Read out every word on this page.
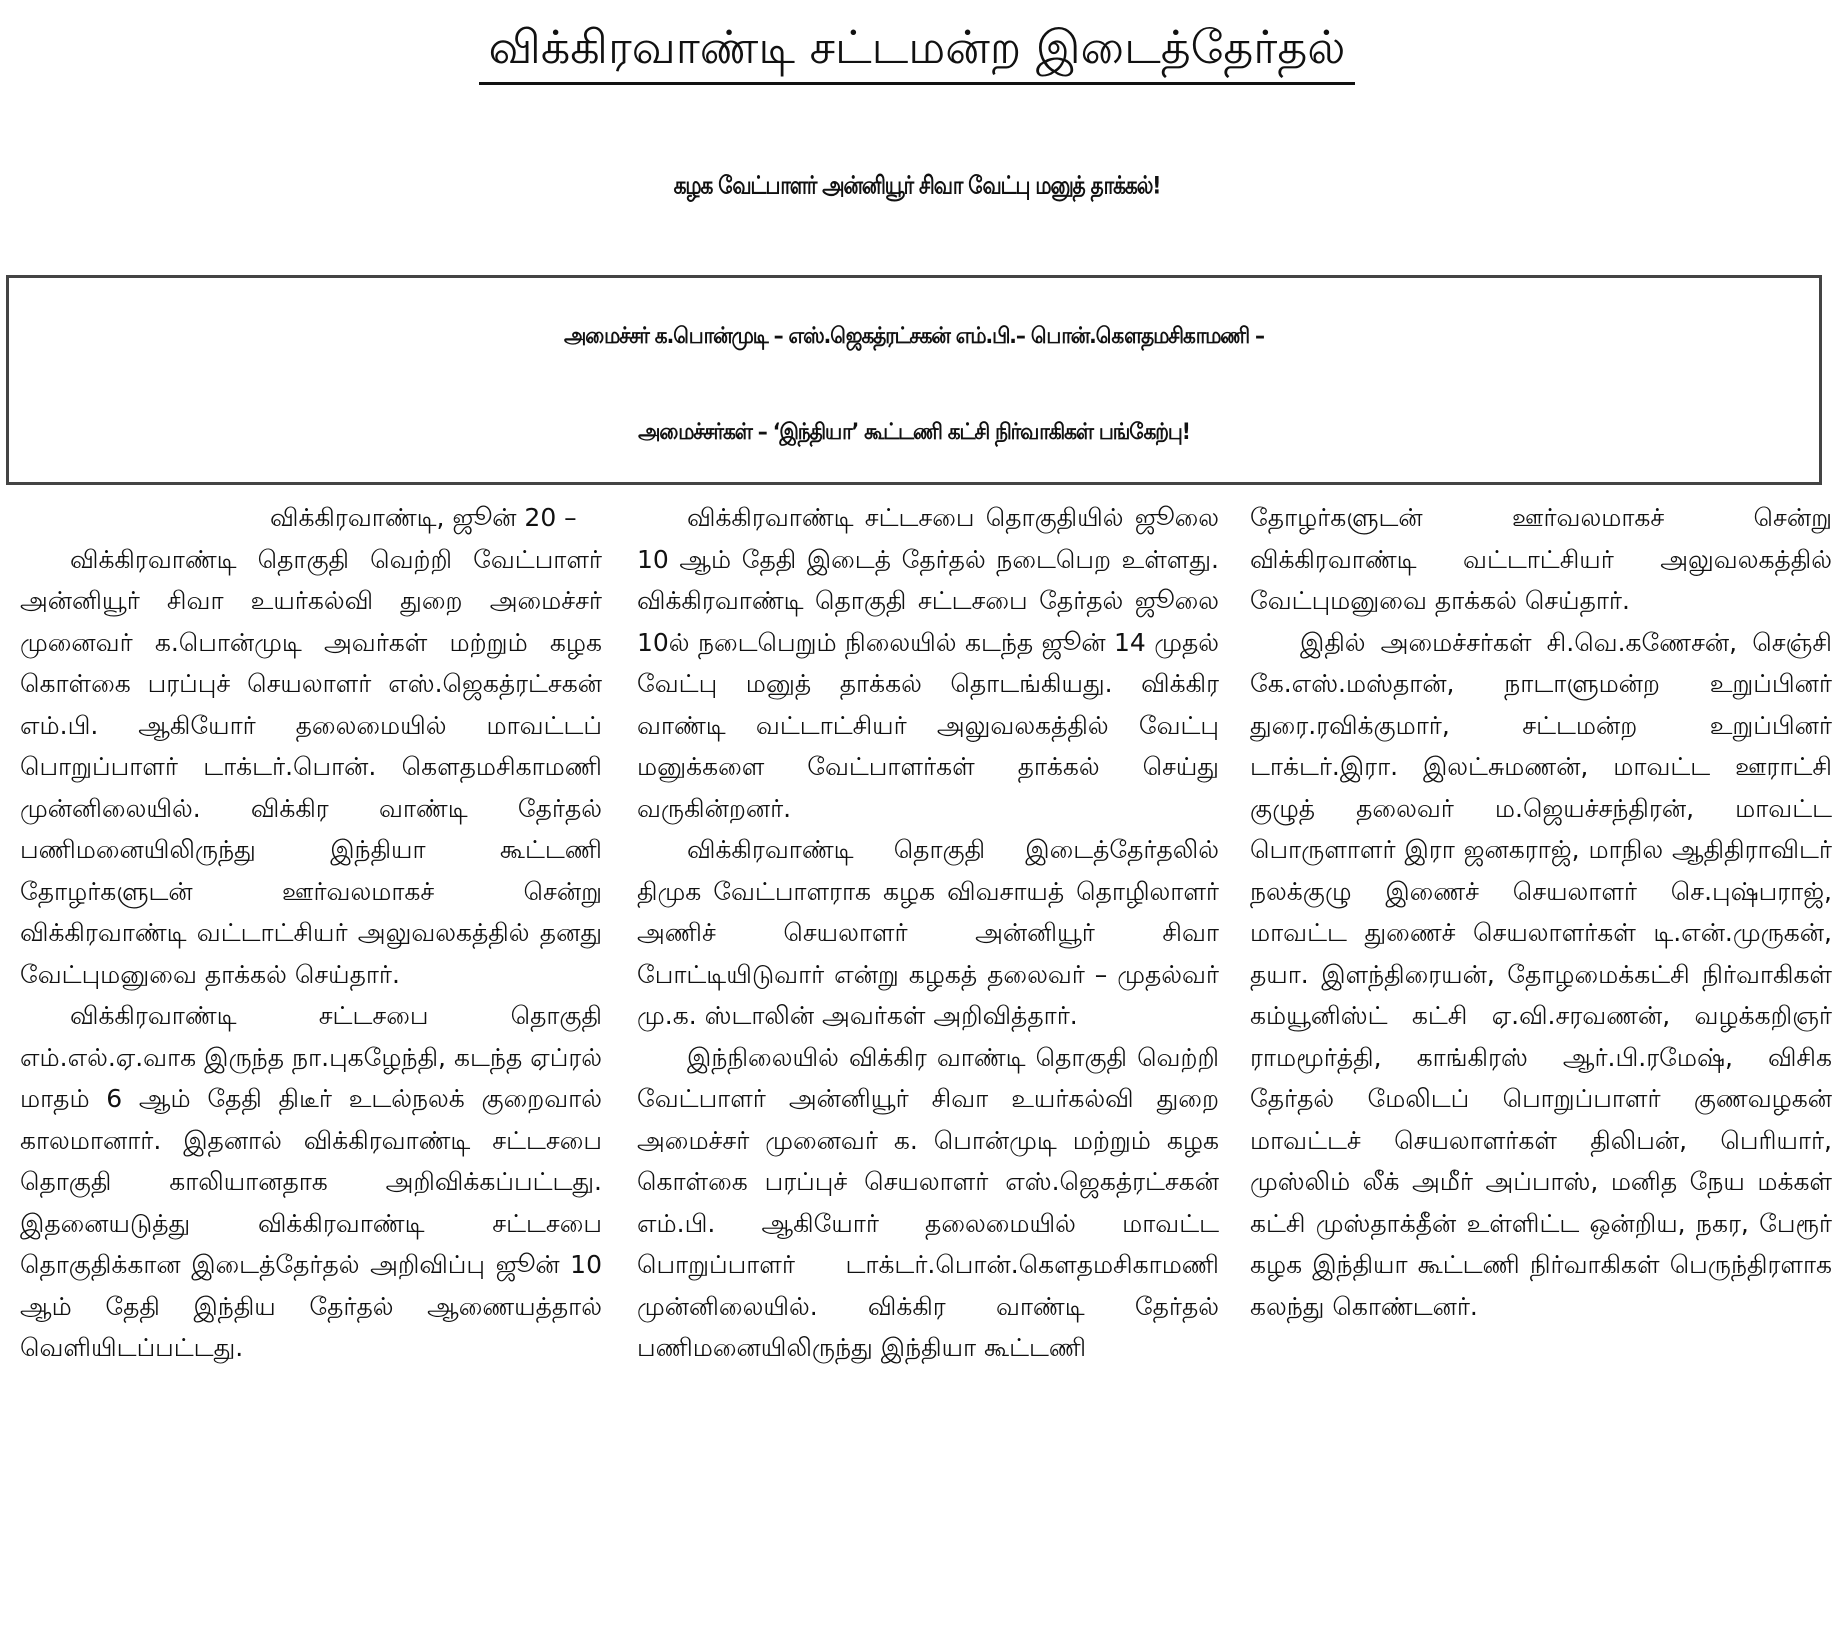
விக்கிரவாண்டி சட்டமன்ற இடைத்தேர்தல்
கழக வேட்பாளர் அன்னியூர் சிவா வேட்பு மனுத் தாக்கல்!
அமைச்சர் க.பொன்முடி – எஸ்.ஜெகத்ரட்சகன் எம்.பி.– பொன்.கௌதமசிகாமணி –
அமைச்சர்கள் – ‘இந்தியா’ கூட்டணி கட்சி நிர்வாகிகள் பங்கேற்பு!

விக்கிரவாண்டி, ஜூன் 20 –

விக்கிரவாண்டி தொகுதி வெற்றி வேட்பாளர் அன்னியூர் சிவா உயர்கல்வி துறை அமைச்சர் முனைவர் க.பொன்முடி அவர்கள் மற்றும் கழக கொள்கை பரப்புச் செயலாளர் எஸ்.ஜெகத்ரட்சகன் எம்.பி. ஆகியோர் தலைமையில் மாவட்டப் பொறுப்பாளர் டாக்டர்.பொன். கௌதமசிகாமணி முன்னிலையில். விக்கிர வாண்டி தேர்தல் பணிமனையிலிருந்து இந்தியா கூட்டணி தோழர்களுடன் ஊர்வலமாகச் சென்று விக்கிரவாண்டி வட்டாட்சியர் அலுவலகத்தில் தனது வேட்புமனுவை தாக்கல் செய்தார்.

விக்கிரவாண்டி சட்டசபை தொகுதி எம்.எல்.ஏ.வாக இருந்த நா.புகழேந்தி, கடந்த ஏப்ரல் மாதம் 6 ஆம் தேதி திடீர் உடல்நலக் குறைவால் காலமானார். இதனால் விக்கிரவாண்டி சட்டசபை தொகுதி காலியானதாக அறிவிக்கப்பட்டது. இதனையடுத்து விக்கிரவாண்டி சட்டசபை தொகுதிக்கான இடைத்தேர்தல் அறிவிப்பு ஜூன் 10 ஆம் தேதி இந்திய தேர்தல் ஆணையத்தால் வெளியிடப்பட்டது.

விக்கிரவாண்டி சட்டசபை தொகுதியில் ஜூலை 10 ஆம் தேதி இடைத் தேர்தல் நடைபெற உள்ளது. விக்கிரவாண்டி தொகுதி சட்டசபை தேர்தல் ஜூலை 10ல் நடைபெறும் நிலையில் கடந்த ஜூன் 14 முதல் வேட்பு மனுத் தாக்கல் தொடங்கியது. விக்கிர வாண்டி வட்டாட்சியர் அலுவலகத்தில் வேட்பு மனுக்களை வேட்பாளர்கள் தாக்கல் செய்து வருகின்றனர்.

விக்கிரவாண்டி தொகுதி இடைத்தேர்தலில் திமுக வேட்பாளராக கழக விவசாயத் தொழிலாளர் அணிச் செயலாளர் அன்னியூர் சிவா போட்டியிடுவார் என்று கழகத் தலைவர் – முதல்வர் மு.க. ஸ்டாலின் அவர்கள் அறிவித்தார்.

இந்நிலையில் விக்கிர வாண்டி தொகுதி வெற்றி வேட்பாளர் அன்னியூர் சிவா உயர்கல்வி துறை அமைச்சர் முனைவர் க. பொன்முடி மற்றும் கழக கொள்கை பரப்புச் செயலாளர் எஸ்.ஜெகத்ரட்சகன் எம்.பி. ஆகியோர் தலைமையில் மாவட்ட பொறுப்பாளர் டாக்டர்.பொன்.கௌதமசிகாமணி முன்னிலையில். விக்கிர வாண்டி தேர்தல் பணிமனையிலிருந்து இந்தியா கூட்டணி

தோழர்களுடன் ஊர்வலமாகச் சென்று விக்கிரவாண்டி வட்டாட்சியர் அலுவலகத்தில் வேட்புமனுவை தாக்கல் செய்தார்.

இதில் அமைச்சர்கள் சி.வெ.கணேசன், செஞ்சி கே.எஸ்.மஸ்தான், நாடாளுமன்ற உறுப்பினர் துரை.ரவிக்குமார், சட்டமன்ற உறுப்பினர் டாக்டர்.இரா. இலட்சுமணன், மாவட்ட ஊராட்சி குழுத் தலைவர் ம.ஜெயச்சந்திரன், மாவட்ட பொருளாளர் இரா ஜனகராஜ், மாநில ஆதிதிராவிடர் நலக்குழு இணைச் செயலாளர் செ.புஷ்பராஜ், மாவட்ட துணைச் செயலாளர்கள் டி.என்.முருகன், தயா. இளந்திரையன், தோழமைக்கட்சி நிர்வாகிகள் கம்யூனிஸ்ட் கட்சி ஏ.வி.சரவணன், வழக்கறிஞர் ராமமூர்த்தி, காங்கிரஸ் ஆர்.பி.ரமேஷ், விசிக தேர்தல் மேலிடப் பொறுப்பாளர் குணவழகன் மாவட்டச் செயலாளர்கள் திலிபன், பெரியார், முஸ்லிம் லீக் அமீர் அப்பாஸ், மனித நேய மக்கள் கட்சி முஸ்தாக்தீன் உள்ளிட்ட ஒன்றிய, நகர, பேரூர் கழக இந்தியா கூட்டணி நிர்வாகிகள் பெருந்திரளாக கலந்து கொண்டனர்.
